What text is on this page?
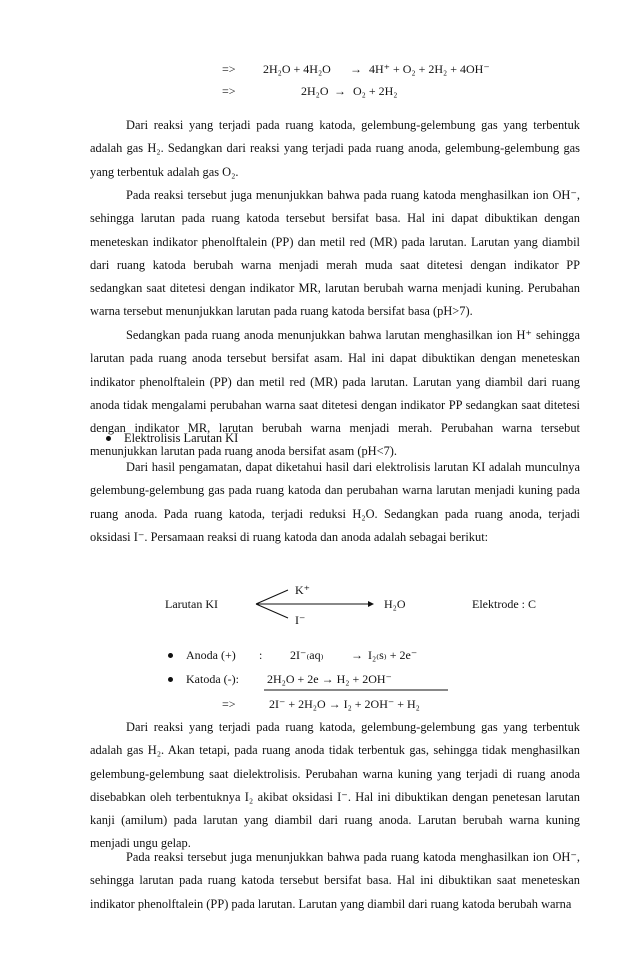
=> 2H₂O + 4H₂O → 4H⁺ + O₂ + 2H₂ + 4OH⁻
=>	2H₂O → O₂ + 2H₂
Dari reaksi yang terjadi pada ruang katoda, gelembung-gelembung gas yang terbentuk adalah gas H₂. Sedangkan dari reaksi yang terjadi pada ruang anoda, gelembung-gelembung gas yang terbentuk adalah gas O₂.
Pada reaksi tersebut juga menunjukkan bahwa pada ruang katoda menghasilkan ion OH⁻, sehingga larutan pada ruang katoda tersebut bersifat basa. Hal ini dapat dibuktikan dengan meneteskan indikator phenolftalein (PP) dan metil red (MR) pada larutan. Larutan yang diambil dari ruang katoda berubah warna menjadi merah muda saat ditetesi dengan indikator PP sedangkan saat ditetesi dengan indikator MR, larutan berubah warna menjadi kuning. Perubahan warna tersebut menunjukkan larutan pada ruang katoda bersifat basa (pH>7).
Sedangkan pada ruang anoda menunjukkan bahwa larutan menghasilkan ion H⁺ sehingga larutan pada ruang anoda tersebut bersifat asam. Hal ini dapat dibuktikan dengan meneteskan indikator phenolftalein (PP) dan metil red (MR) pada larutan. Larutan yang diambil dari ruang anoda tidak mengalami perubahan warna saat ditetesi dengan indikator PP sedangkan saat ditetesi dengan indikator MR, larutan berubah warna menjadi merah. Perubahan warna tersebut menunjukkan larutan pada ruang anoda bersifat asam (pH<7).
Elektrolisis Larutan KI
Dari hasil pengamatan, dapat diketahui hasil dari elektrolisis larutan KI adalah munculnya gelembung-gelembung gas pada ruang katoda dan perubahan warna larutan menjadi kuning pada ruang anoda. Pada ruang katoda, terjadi reduksi H₂O. Sedangkan pada ruang anoda, terjadi oksidasi I⁻. Persamaan reaksi di ruang katoda dan anoda adalah sebagai berikut:
Larutan KI
K⁺
I⁻
H₂O	Elektrode : C
Anoda (+) : 2I⁻₍aq₎ → I₂₍s₎ + 2e⁻
Katoda (-): 2H₂O + 2e → H₂ + 2OH⁻
=>	2I⁻ + 2H₂O → I₂ + 2OH⁻ + H₂
Dari reaksi yang terjadi pada ruang katoda, gelembung-gelembung gas yang terbentuk adalah gas H₂. Akan tetapi, pada ruang anoda tidak terbentuk gas, sehingga tidak menghasilkan gelembung-gelembung saat dielektrolisis. Perubahan warna kuning yang terjadi di ruang anoda disebabkan oleh terbentuknya I₂ akibat oksidasi I⁻. Hal ini dibuktikan dengan penetesan larutan kanji (amilum) pada larutan yang diambil dari ruang anoda. Larutan berubah warna kuning menjadi ungu gelap.
Pada reaksi tersebut juga menunjukkan bahwa pada ruang katoda menghasilkan ion OH⁻, sehingga larutan pada ruang katoda tersebut bersifat basa. Hal ini dibuktikan saat meneteskan indikator phenolftalein (PP) pada larutan. Larutan yang diambil dari ruang katoda berubah warna
